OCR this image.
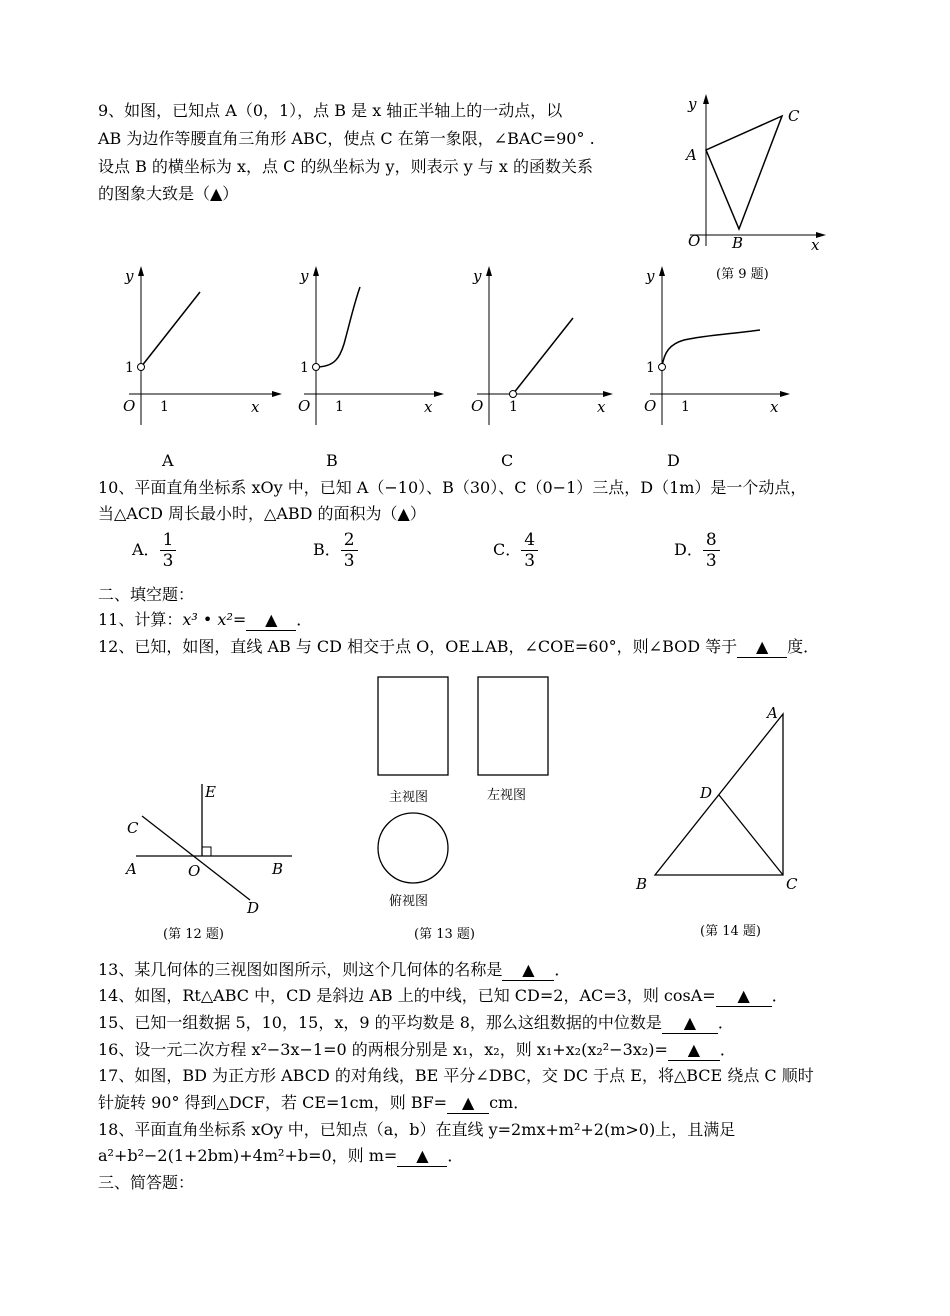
9、如图，已知点 A（0，1），点 B 是 x 轴正半轴上的一动点，以
AB 为边作等腰直角三角形 ABC，使点 C 在第一象限，∠BAC=90° .
设点 B 的横坐标为 x，点 C 的纵坐标为 y，则表示 y 与 x 的函数关系
的图象大致是（▲）
y
C
A
O B	x
(第 9 题)
y
1
O 1	x
y
1
O 1	x
y
O 1	x
y
1
O 1	x
A	B	C	D
10、平面直角坐标系 xOy 中，已知 A（−10）、B（30）、C（0−1）三点，D（1m）是一个动点，
当△ACD 周长最小时，△ABD 的面积为（▲）
A． $\frac{1}{3}$	B． $\frac{2}{3}$	C． $\frac{4}{3}$	D． $\frac{8}{3}$
二、填空题：
11、计算：x³ • x²= ▲ ．
12、已知，如图，直线 AB 与 CD 相交于点 O，OE⊥AB，∠COE=60°，则∠BOD 等于 ▲ 度．
E
C
A	O	B
D
(第 12 题)
主视图	左视图
俯视图
(第 13 题)
A
D
B	C
(第 14 题)
13、某几何体的三视图如图所示，则这个几何体的名称是 ▲ ．
14、如图，Rt△ABC 中，CD 是斜边 AB 上的中线，已知 CD=2，AC=3，则 cosA= ▲ ．
15、已知一组数据 5，10，15，x，9 的平均数是 8，那么这组数据的中位数是 ▲ ．
16、设一元二次方程 x²−3x−1=0 的两根分别是 x₁，x₂，则 x₁+x₂(x₂²−3x₂)= ▲ ．
17、如图，BD 为正方形 ABCD 的对角线，BE 平分∠DBC，交 DC 于点 E，将△BCE 绕点 C 顺时
针旋转 90° 得到△DCF，若 CE=1cm，则 BF= ▲ cm．
18、平面直角坐标系 xOy 中，已知点（a，b）在直线 y=2mx+m²+2(m>0)上，且满足
a²+b²−2(1+2bm)+4m²+b=0，则 m= ▲ ．
三、简答题：
